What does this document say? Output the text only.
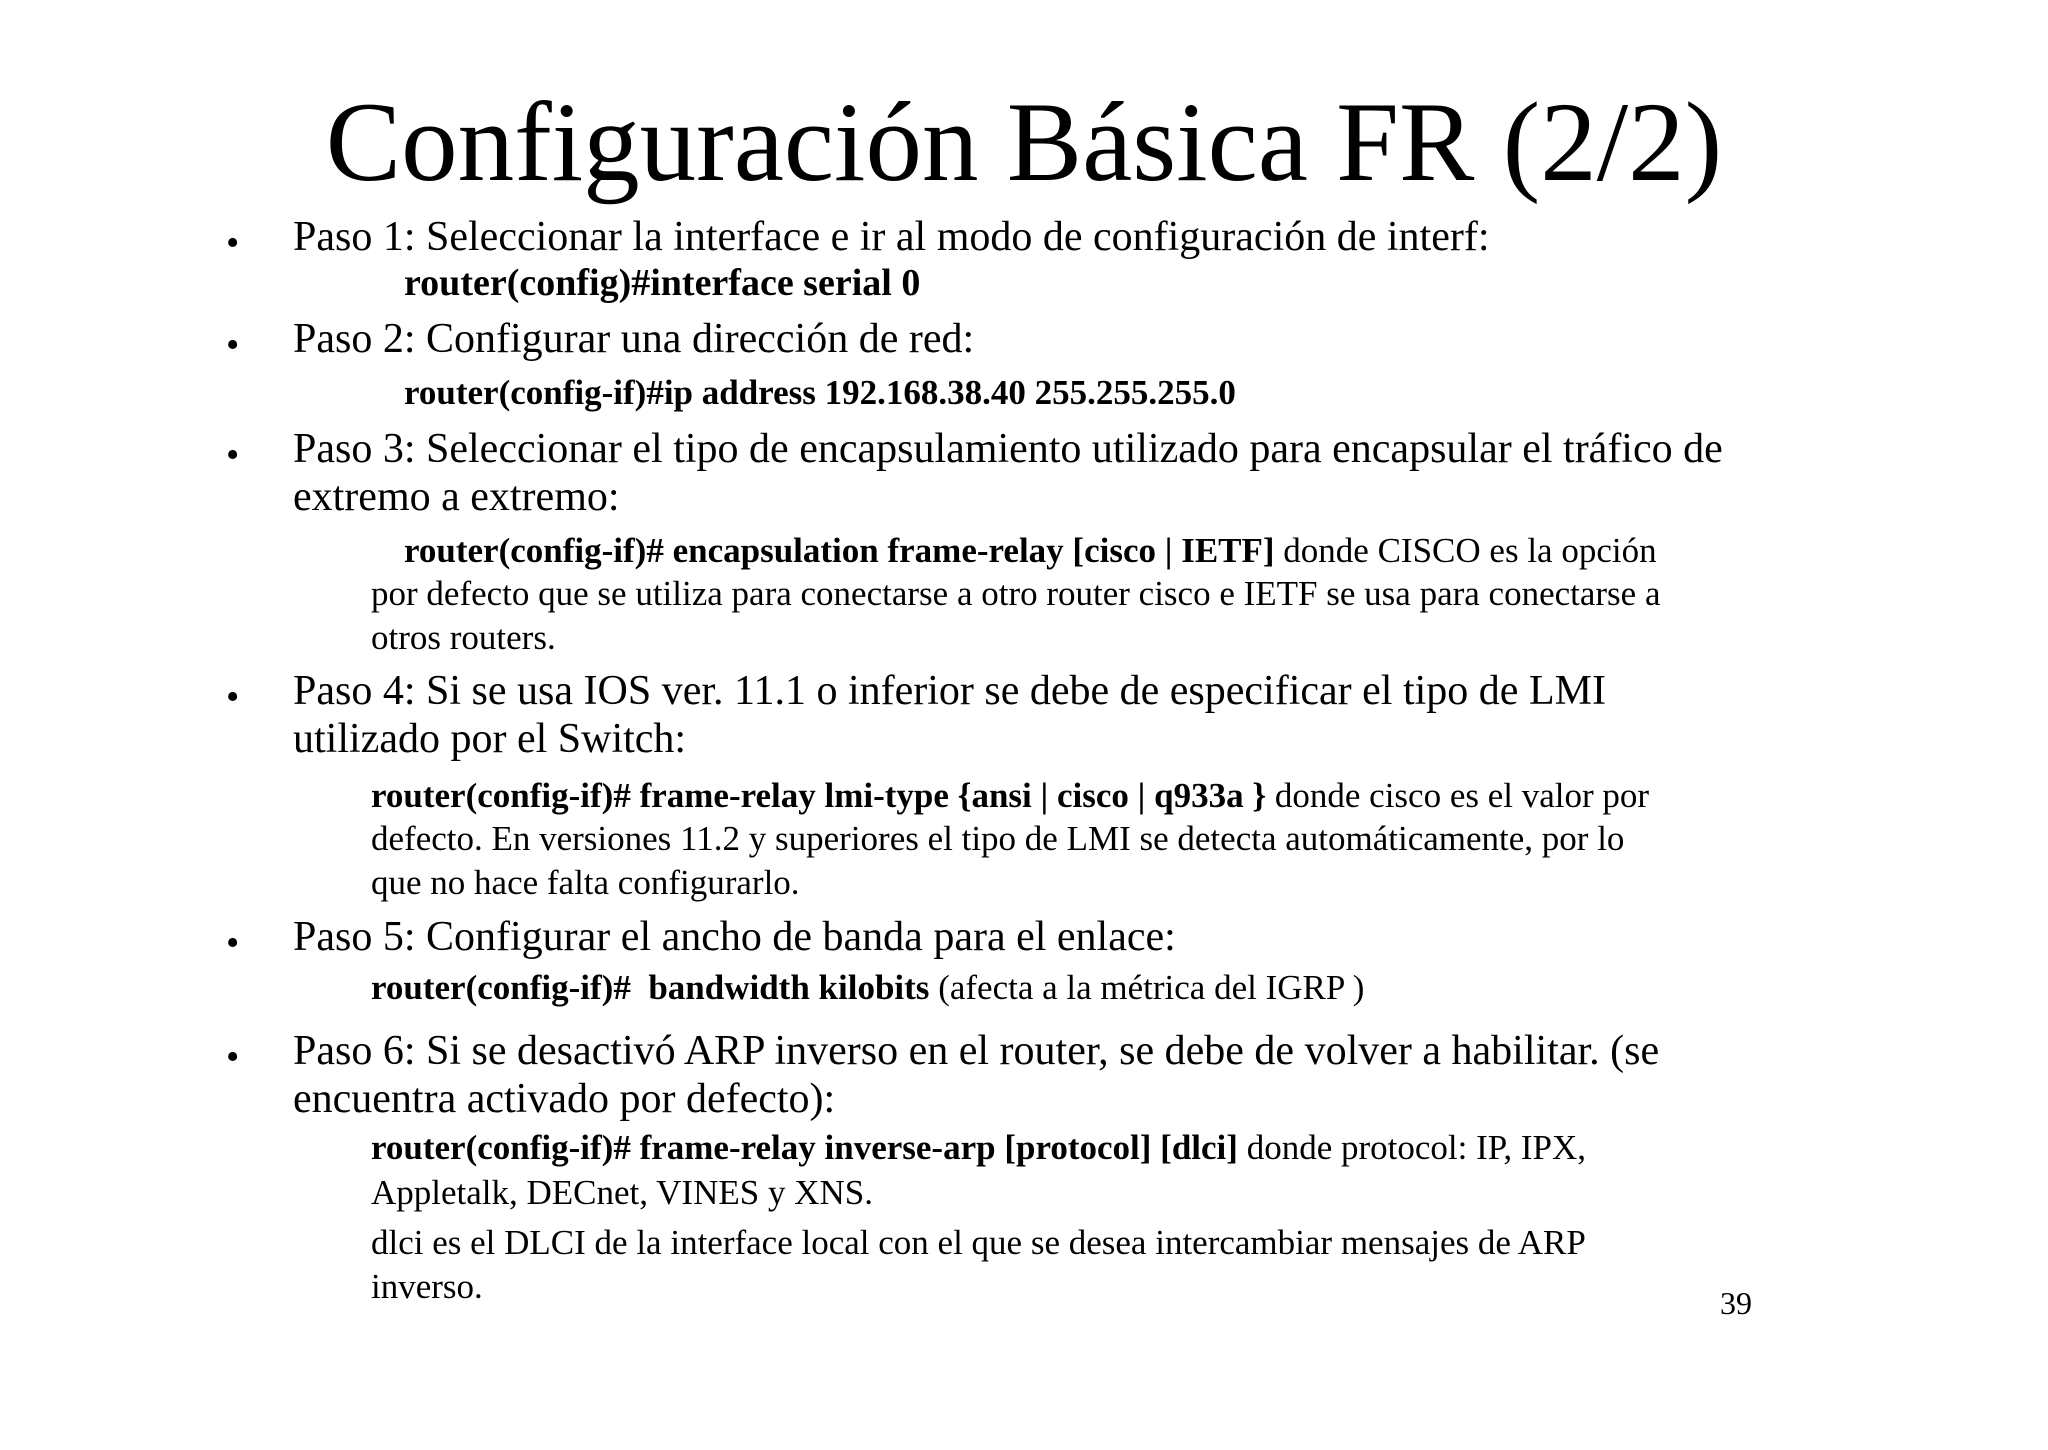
Configuración Básica FR (2/2)
• Paso 1: Seleccionar la interface e ir al modo de configuración de interf:
router(config)#interface serial 0
• Paso 2: Configurar una dirección de red:
router(config-if)#ip address 192.168.38.40 255.255.255.0
• Paso 3: Seleccionar el tipo de encapsulamiento utilizado para encapsular el tráfico de
extremo a extremo:
router(config-if)# encapsulation frame-relay [cisco | IETF] donde CISCO es la opción
por defecto que se utiliza para conectarse a otro router cisco e IETF se usa para conectarse a
otros routers.
• Paso 4: Si se usa IOS ver. 11.1 o inferior se debe de especificar el tipo de LMI
utilizado por el Switch:
router(config-if)# frame-relay lmi-type {ansi | cisco | q933a } donde cisco es el valor por
defecto. En versiones 11.2 y superiores el tipo de LMI se detecta automáticamente, por lo
que no hace falta configurarlo.
• Paso 5: Configurar el ancho de banda para el enlace:
router(config-if)#  bandwidth kilobits (afecta a la métrica del IGRP )
• Paso 6: Si se desactivó ARP inverso en el router, se debe de volver a habilitar. (se
encuentra activado por defecto):
router(config-if)# frame-relay inverse-arp [protocol] [dlci] donde protocol: IP, IPX,
Appletalk, DECnet, VINES y XNS.
dlci es el DLCI de la interface local con el que se desea intercambiar mensajes de ARP
inverso.	39
